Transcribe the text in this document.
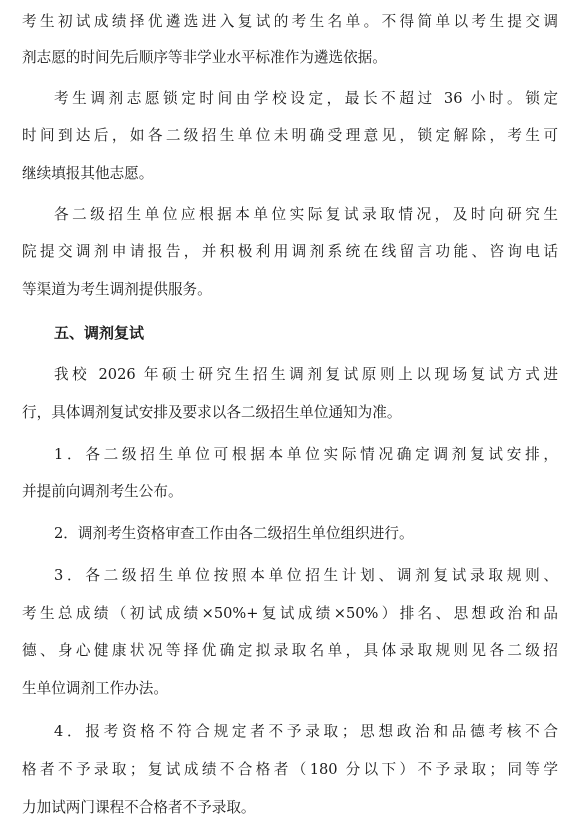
考生初试成绩择优遴选进入复试的考生名单。不得简单以考生提交调
剂志愿的时间先后顺序等非学业水平标准作为遴选依据。
考生调剂志愿锁定时间由学校设定，最长不超过 36 小时。锁定
时间到达后，如各二级招生单位未明确受理意见，锁定解除，考生可
继续填报其他志愿。
各二级招生单位应根据本单位实际复试录取情况，及时向研究生
院提交调剂申请报告，并积极利用调剂系统在线留言功能、咨询电话
等渠道为考生调剂提供服务。
五、调剂复试
我校 2026 年硕士研究生招生调剂复试原则上以现场复试方式进
行，具体调剂复试安排及要求以各二级招生单位通知为准。
1．各二级招生单位可根据本单位实际情况确定调剂复试安排，
并提前向调剂考生公布。
2．调剂考生资格审查工作由各二级招生单位组织进行。
3．各二级招生单位按照本单位招生计划、调剂复试录取规则、
考生总成绩（初试成绩×50%+复试成绩×50%）排名、思想政治和品
德、身心健康状况等择优确定拟录取名单，具体录取规则见各二级招
生单位调剂工作办法。
4．报考资格不符合规定者不予录取；思想政治和品德考核不合
格者不予录取；复试成绩不合格者（180 分以下）不予录取；同等学
力加试两门课程不合格者不予录取。
